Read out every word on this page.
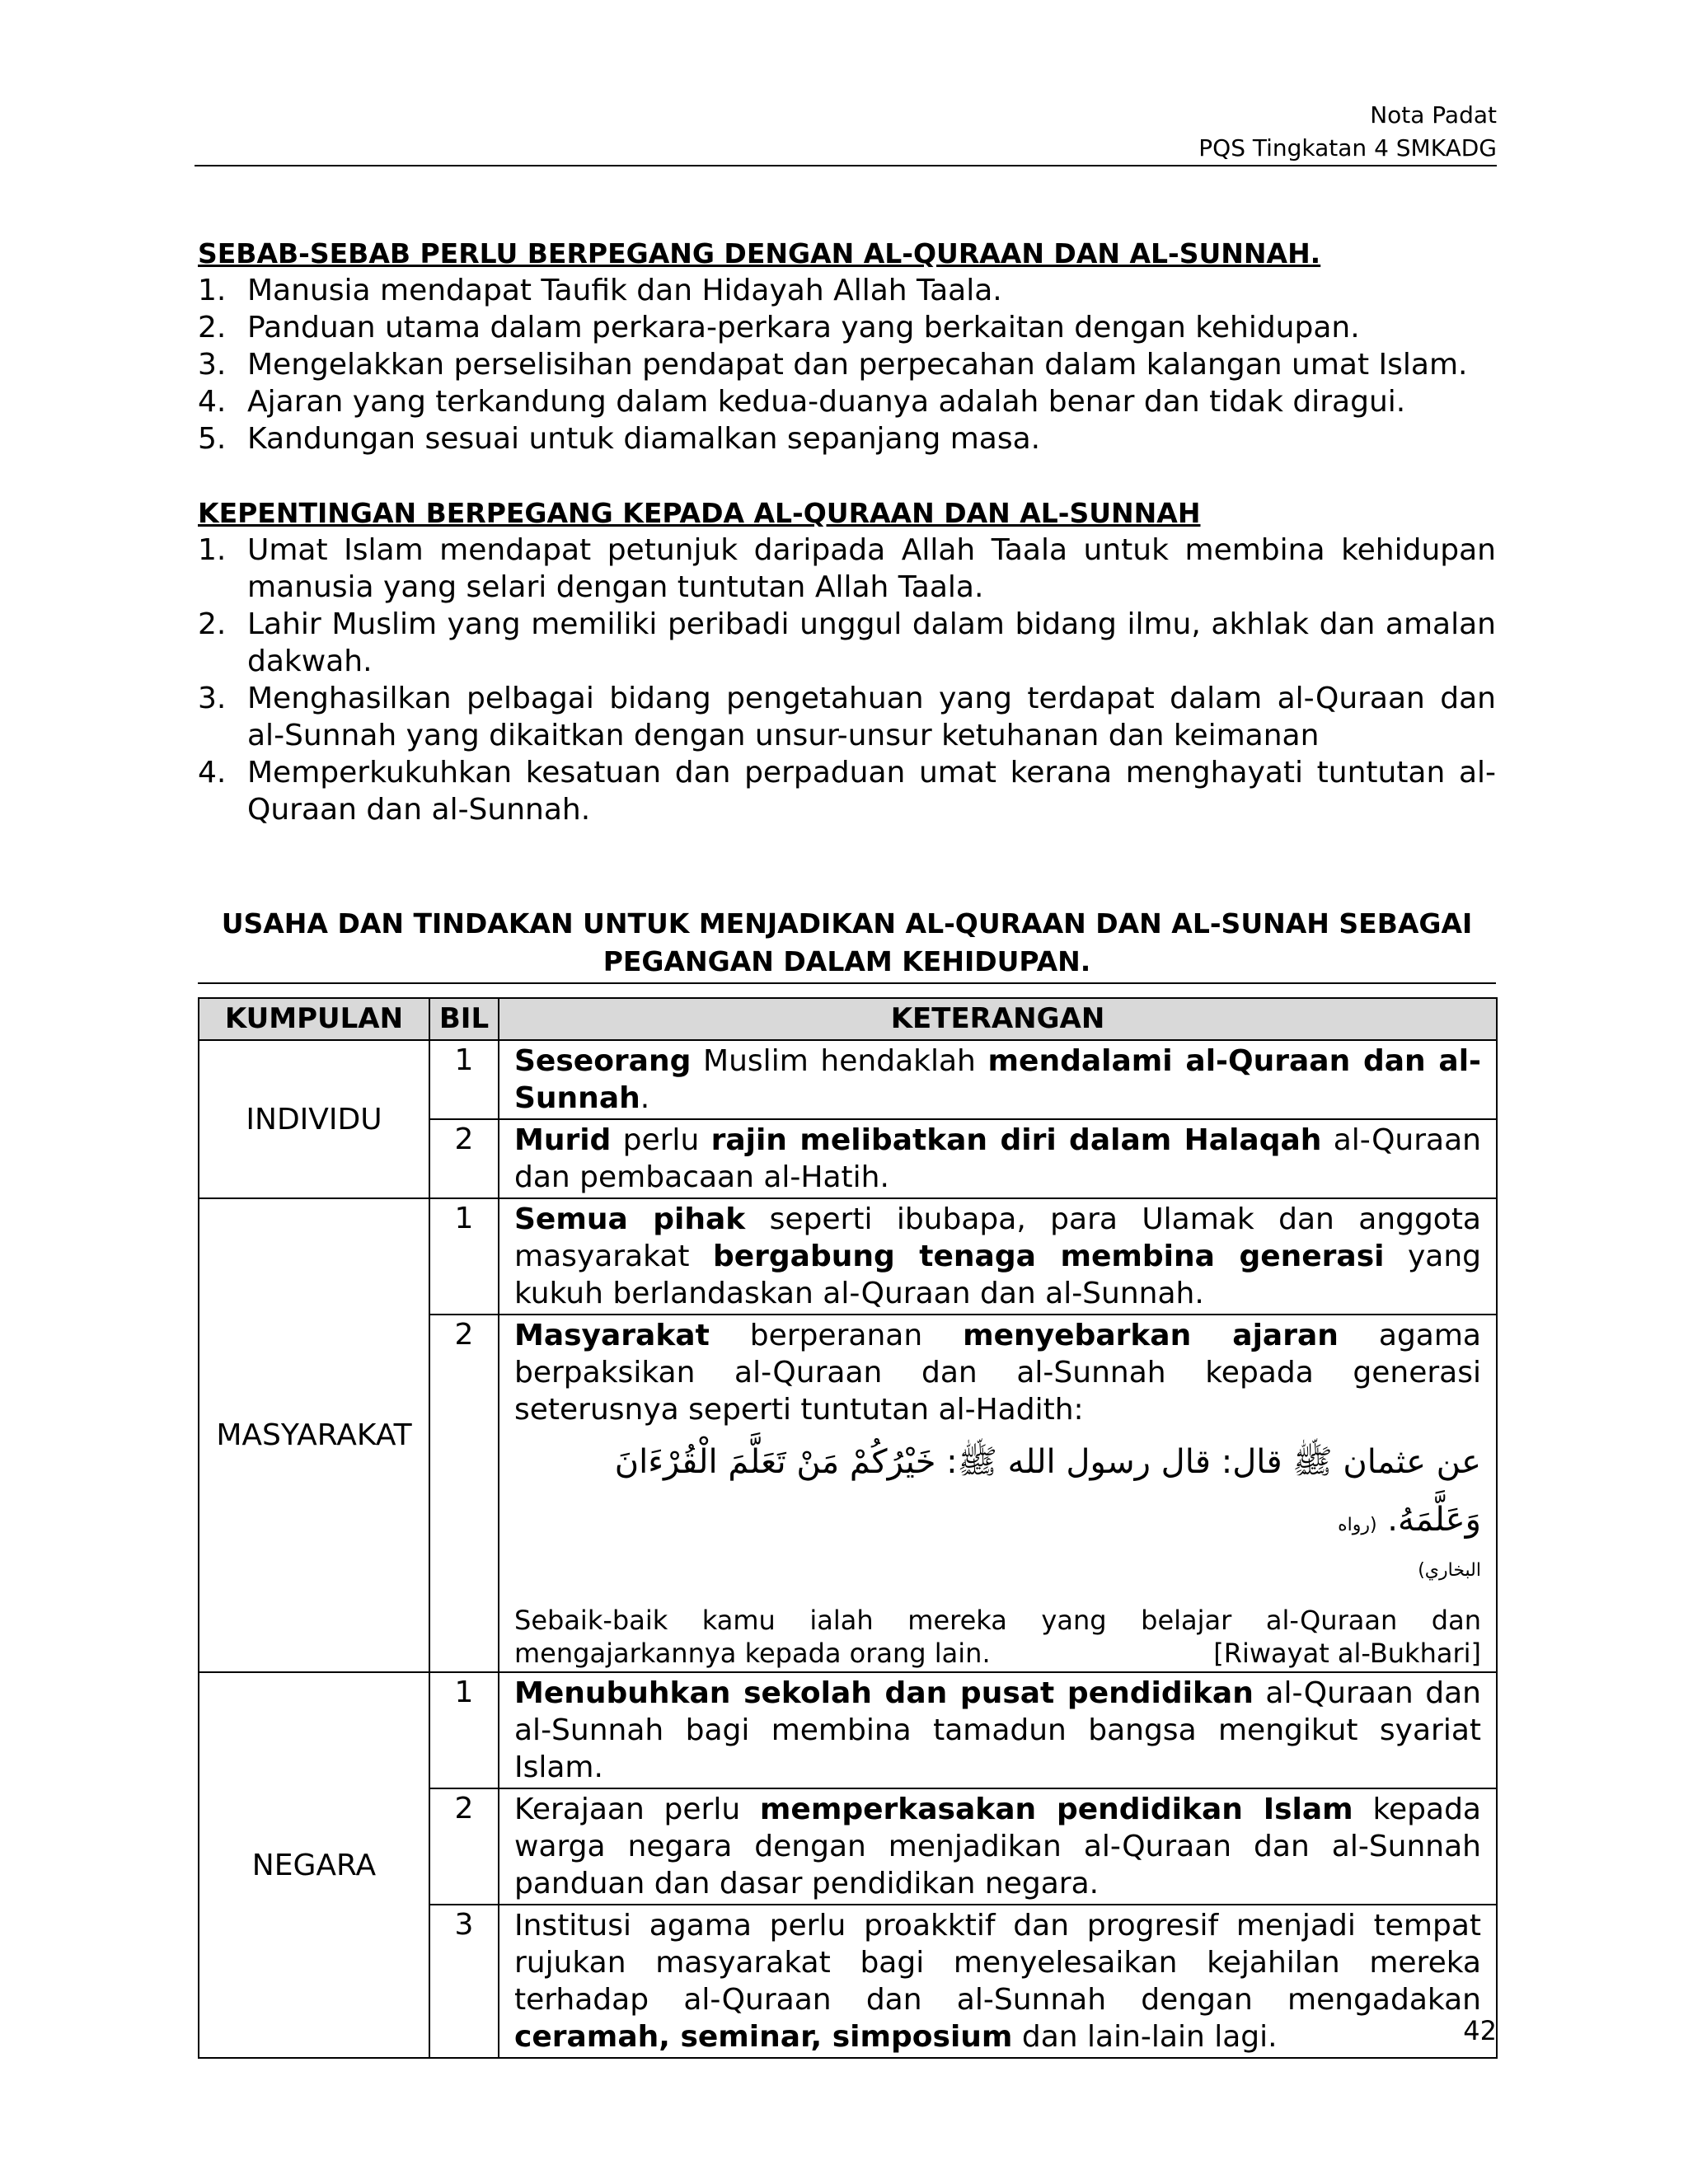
Nota Padat
PQS Tingkatan 4 SMKADG
SEBAB-SEBAB PERLU BERPEGANG DENGAN AL-QURAAN DAN AL-SUNNAH.
1. Manusia mendapat Taufik dan Hidayah Allah Taala.
2. Panduan utama dalam perkara-perkara yang berkaitan dengan kehidupan.
3. Mengelakkan perselisihan pendapat dan perpecahan dalam kalangan umat Islam.
4. Ajaran yang terkandung dalam kedua-duanya adalah benar dan tidak diragui.
5. Kandungan sesuai untuk diamalkan sepanjang masa.
KEPENTINGAN BERPEGANG KEPADA AL-QURAAN DAN AL-SUNNAH
1. Umat Islam mendapat petunjuk daripada Allah Taala untuk membina kehidupan manusia yang selari dengan tuntutan Allah Taala.
2. Lahir Muslim yang memiliki peribadi unggul dalam bidang ilmu, akhlak dan amalan dakwah.
3. Menghasilkan pelbagai bidang pengetahuan yang terdapat dalam al-Quraan dan al-Sunnah yang dikaitkan dengan unsur-unsur ketuhanan dan keimanan
4. Memperkukuhkan kesatuan dan perpaduan umat kerana menghayati tuntutan al-Quraan dan al-Sunnah.
USAHA DAN TINDAKAN UNTUK MENJADIKAN AL-QURAAN DAN AL-SUNAH SEBAGAI
PEGANGAN DALAM KEHIDUPAN.
KUMPULAN	BIL	KETERANGAN
INDIVIDU	1	Seseorang Muslim hendaklah mendalami al-Quraan dan al-Sunnah.
	2	Murid perlu rajin melibatkan diri dalam Halaqah al-Quraan dan pembacaan al-Hatih.
MASYARAKAT	1	Semua pihak seperti ibubapa, para Ulamak dan anggota masyarakat bergabung tenaga membina generasi yang kukuh berlandaskan al-Quraan dan al-Sunnah.
	2	Masyarakat berperanan menyebarkan ajaran agama berpaksikan al-Quraan dan al-Sunnah kepada generasi seterusnya seperti tuntutan al-Hadith:
عن عثمان ﷺ قال: قال رسول الله ﷺ: خَيْرُكُمْ مَنْ تَعَلَّمَ الْقُرْءَانَ وَعَلَّمَهُ. (رواه
البخاري)
Sebaik-baik kamu ialah mereka yang belajar al-Quraan dan mengajarkannya kepada orang lain. [Riwayat al-Bukhari]

NEGARA	1	Menubuhkan sekolah dan pusat pendidikan al-Quraan dan al-Sunnah bagi membina tamadun bangsa mengikut syariat Islam.
	2	Kerajaan perlu memperkasakan pendidikan Islam kepada warga negara dengan menjadikan al-Quraan dan al-Sunnah panduan dan dasar pendidikan negara.
	3	Institusi agama perlu proakktif dan progresif menjadi tempat rujukan masyarakat bagi menyelesaikan kejahilan mereka terhadap al-Quraan dan al-Sunnah dengan mengadakan ceramah, seminar, simposium dan lain-lain lagi.	42
